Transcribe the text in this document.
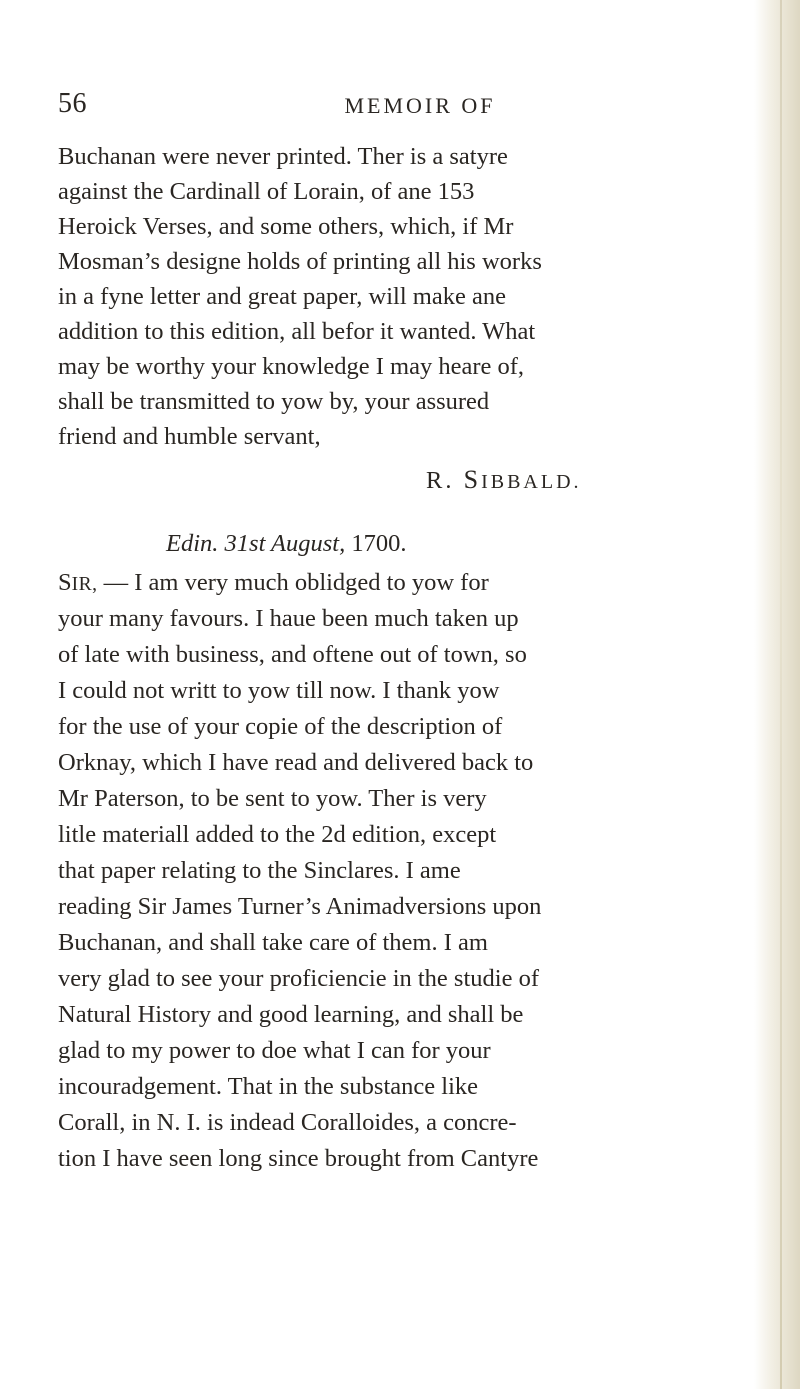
56	MEMOIR OF
Buchanan were never printed. Ther is a satyre
against the Cardinall of Lorain, of ane 153
Heroick Verses, and some others, which, if Mr
Mosman’s designe holds of printing all his works
in a fyne letter and great paper, will make ane
addition to this edition, all befor it wanted. What
may be worthy your knowledge I may heare of,
shall be transmitted to yow by, your assured
friend and humble servant,
R. SIBBALD.
Edin. 31st August, 1700.
SIR, — I am very much oblidged to yow for
your many favours. I haue been much taken up
of late with business, and oftene out of town, so
I could not writt to yow till now. I thank yow
for the use of your copie of the description of
Orknay, which I have read and delivered back to
Mr Paterson, to be sent to yow. Ther is very
litle materiall added to the 2d edition, except
that paper relating to the Sinclares. I ame
reading Sir James Turner’s Animadversions upon
Buchanan, and shall take care of them. I am
very glad to see your proficiencie in the studie of
Natural History and good learning, and shall be
glad to my power to doe what I can for your
incouradgement. That in the substance like
Corall, in N. I. is indead Coralloides, a concre-
tion I have seen long since brought from Cantyre
